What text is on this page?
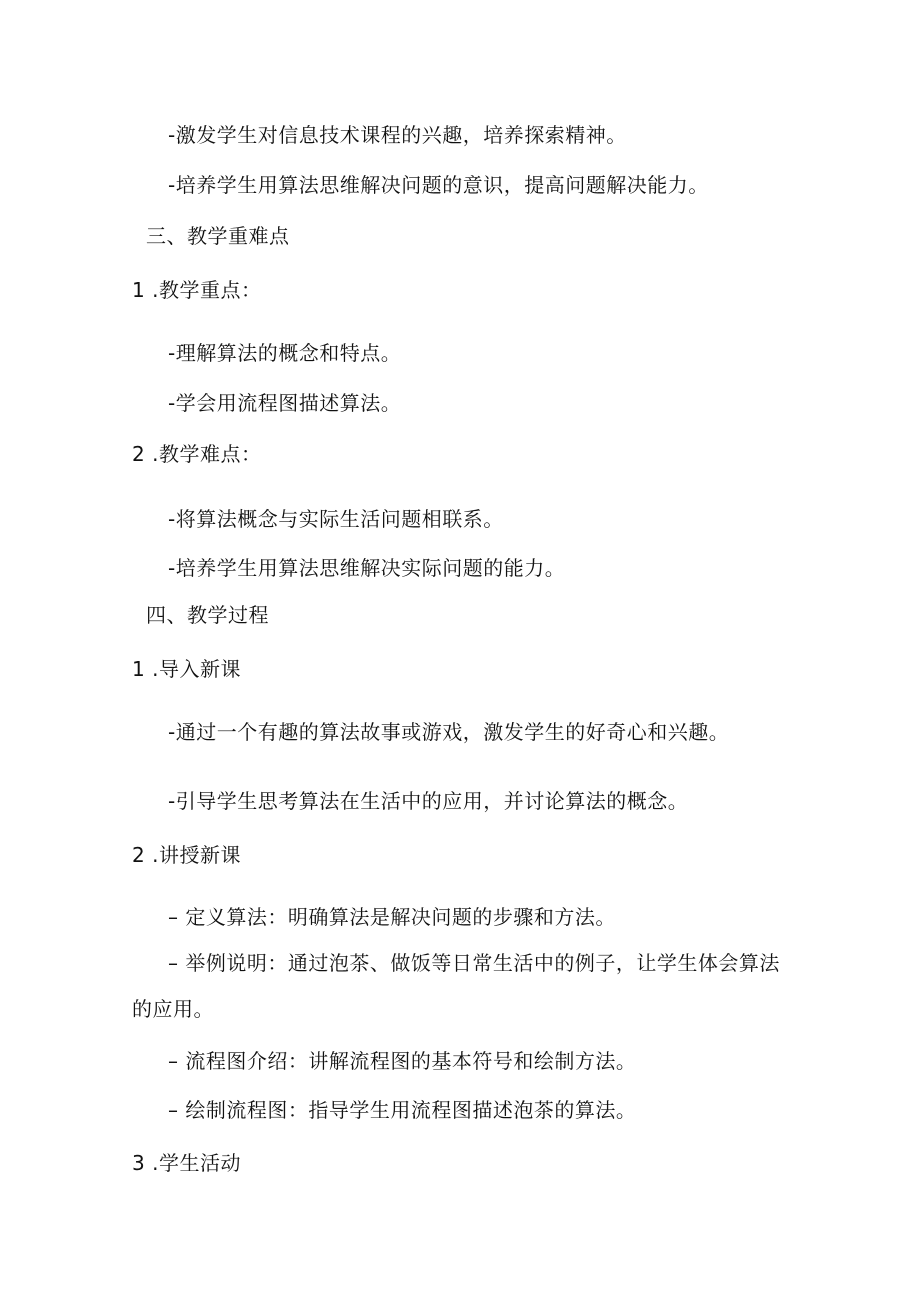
-激发学生对信息技术课程的兴趣，培养探索精神。
-培养学生用算法思维解决问题的意识，提高问题解决能力。
三、教学重难点
1 .教学重点：
-理解算法的概念和特点。
-学会用流程图描述算法。
2 .教学难点：
-将算法概念与实际生活问题相联系。
-培养学生用算法思维解决实际问题的能力。
四、教学过程
1 .导入新课
-通过一个有趣的算法故事或游戏，激发学生的好奇心和兴趣。
-引导学生思考算法在生活中的应用，并讨论算法的概念。
2 .讲授新课
– 定义算法：明确算法是解决问题的步骤和方法。
– 举例说明：通过泡茶、做饭等日常生活中的例子，让学生体会算法的应用。
– 流程图介绍：讲解流程图的基本符号和绘制方法。
– 绘制流程图：指导学生用流程图描述泡茶的算法。
3 .学生活动
